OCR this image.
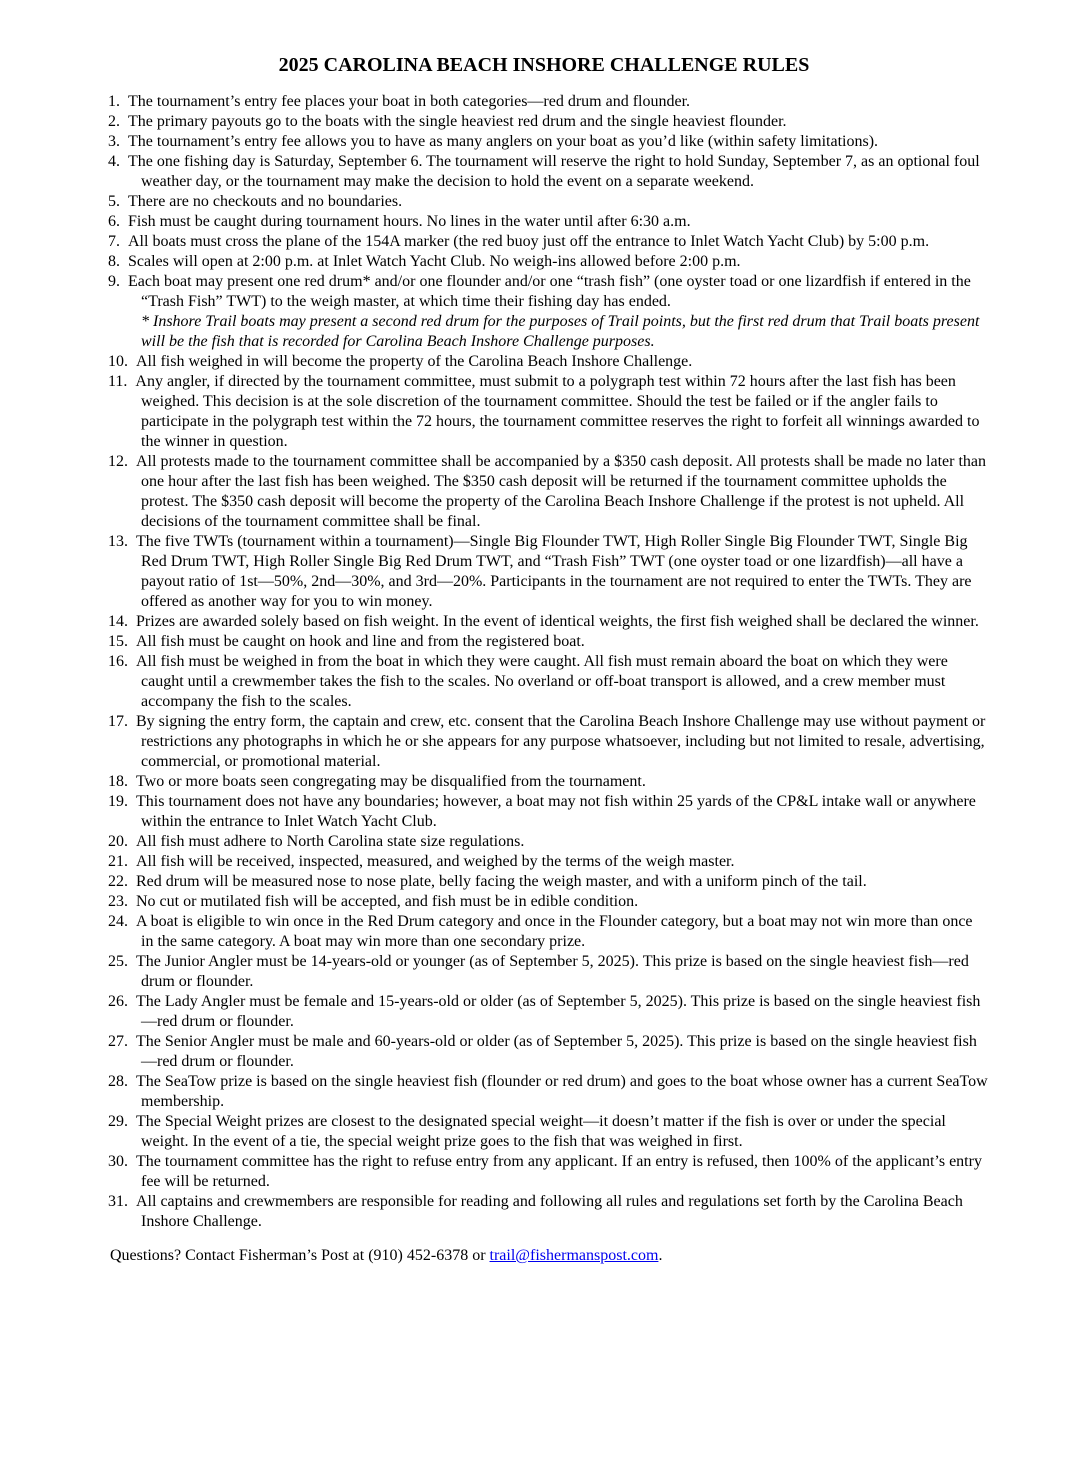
2025 CAROLINA BEACH INSHORE CHALLENGE RULES
1. The tournament’s entry fee places your boat in both categories—red drum and flounder.
2. The primary payouts go to the boats with the single heaviest red drum and the single heaviest flounder.
3. The tournament’s entry fee allows you to have as many anglers on your boat as you’d like (within safety limitations).
4. The one fishing day is Saturday, September 6. The tournament will reserve the right to hold Sunday, September 7, as an optional foul weather day, or the tournament may make the decision to hold the event on a separate weekend.
5. There are no checkouts and no boundaries.
6. Fish must be caught during tournament hours. No lines in the water until after 6:30 a.m.
7. All boats must cross the plane of the 154A marker (the red buoy just off the entrance to Inlet Watch Yacht Club) by 5:00 p.m.
8. Scales will open at 2:00 p.m. at Inlet Watch Yacht Club. No weigh-ins allowed before 2:00 p.m.
9. Each boat may present one red drum* and/or one flounder and/or one “trash fish” (one oyster toad or one lizardfish if entered in the “Trash Fish” TWT) to the weigh master, at which time their fishing day has ended.
* Inshore Trail boats may present a second red drum for the purposes of Trail points, but the first red drum that Trail boats present will be the fish that is recorded for Carolina Beach Inshore Challenge purposes.
10. All fish weighed in will become the property of the Carolina Beach Inshore Challenge.
11. Any angler, if directed by the tournament committee, must submit to a polygraph test within 72 hours after the last fish has been weighed. This decision is at the sole discretion of the tournament committee. Should the test be failed or if the angler fails to participate in the polygraph test within the 72 hours, the tournament committee reserves the right to forfeit all winnings awarded to the winner in question.
12. All protests made to the tournament committee shall be accompanied by a $350 cash deposit. All protests shall be made no later than one hour after the last fish has been weighed. The $350 cash deposit will be returned if the tournament committee upholds the protest. The $350 cash deposit will become the property of the Carolina Beach Inshore Challenge if the protest is not upheld. All decisions of the tournament committee shall be final.
13. The five TWTs (tournament within a tournament)—Single Big Flounder TWT, High Roller Single Big Flounder TWT, Single Big Red Drum TWT, High Roller Single Big Red Drum TWT, and “Trash Fish” TWT (one oyster toad or one lizardfish)—all have a payout ratio of 1st—50%, 2nd—30%, and 3rd—20%. Participants in the tournament are not required to enter the TWTs. They are offered as another way for you to win money.
14. Prizes are awarded solely based on fish weight. In the event of identical weights, the first fish weighed shall be declared the winner.
15. All fish must be caught on hook and line and from the registered boat.
16. All fish must be weighed in from the boat in which they were caught. All fish must remain aboard the boat on which they were caught until a crewmember takes the fish to the scales. No overland or off-boat transport is allowed, and a crew member must accompany the fish to the scales.
17. By signing the entry form, the captain and crew, etc. consent that the Carolina Beach Inshore Challenge may use without payment or restrictions any photographs in which he or she appears for any purpose whatsoever, including but not limited to resale, advertising, commercial, or promotional material.
18. Two or more boats seen congregating may be disqualified from the tournament.
19. This tournament does not have any boundaries; however, a boat may not fish within 25 yards of the CP&L intake wall or anywhere within the entrance to Inlet Watch Yacht Club.
20. All fish must adhere to North Carolina state size regulations.
21. All fish will be received, inspected, measured, and weighed by the terms of the weigh master.
22. Red drum will be measured nose to nose plate, belly facing the weigh master, and with a uniform pinch of the tail.
23. No cut or mutilated fish will be accepted, and fish must be in edible condition.
24. A boat is eligible to win once in the Red Drum category and once in the Flounder category, but a boat may not win more than once in the same category. A boat may win more than one secondary prize.
25. The Junior Angler must be 14-years-old or younger (as of September 5, 2025). This prize is based on the single heaviest fish—red drum or flounder.
26. The Lady Angler must be female and 15-years-old or older (as of September 5, 2025). This prize is based on the single heaviest fish—red drum or flounder.
27. The Senior Angler must be male and 60-years-old or older (as of September 5, 2025). This prize is based on the single heaviest fish—red drum or flounder.
28. The SeaTow prize is based on the single heaviest fish (flounder or red drum) and goes to the boat whose owner has a current SeaTow membership.
29. The Special Weight prizes are closest to the designated special weight—it doesn’t matter if the fish is over or under the special weight. In the event of a tie, the special weight prize goes to the fish that was weighed in first.
30. The tournament committee has the right to refuse entry from any applicant. If an entry is refused, then 100% of the applicant’s entry fee will be returned.
31. All captains and crewmembers are responsible for reading and following all rules and regulations set forth by the Carolina Beach Inshore Challenge.
Questions? Contact Fisherman’s Post at (910) 452-6378 or trail@fishermanspost.com.
